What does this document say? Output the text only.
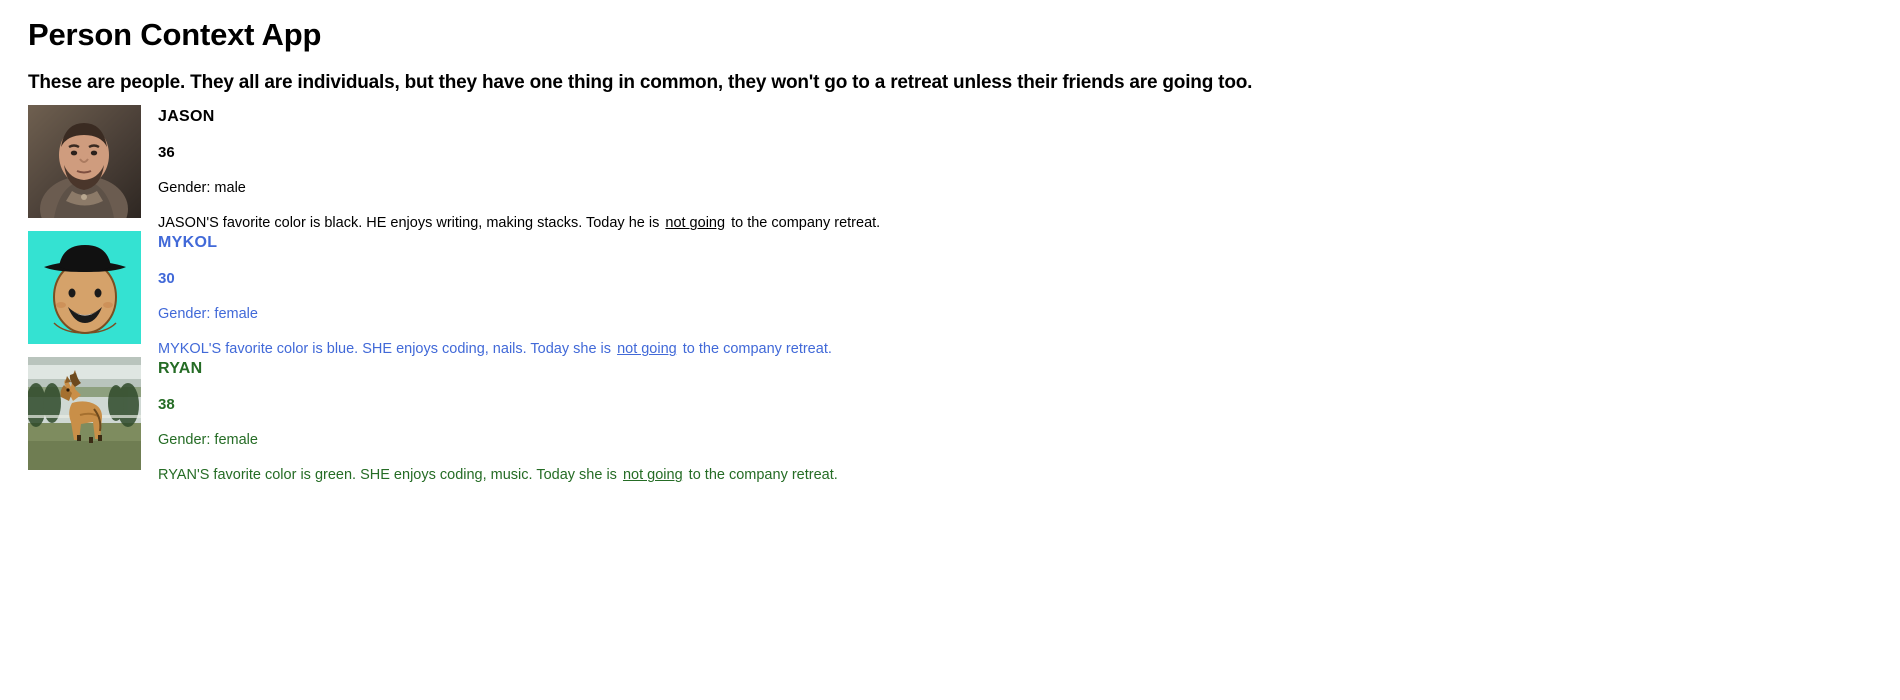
Person Context App
These are people. They all are individuals, but they have one thing in common, they won't go to a retreat unless their friends are going too.
JASON
36
Gender: male
JASON'S favorite color is black. HE enjoys writing, making stacks. Today he is not going to the company retreat.
MYKOL
30
Gender: female
MYKOL'S favorite color is blue. SHE enjoys coding, nails. Today she is not going to the company retreat.
RYAN
38
Gender: female
RYAN'S favorite color is green. SHE enjoys coding, music. Today she is not going to the company retreat.
